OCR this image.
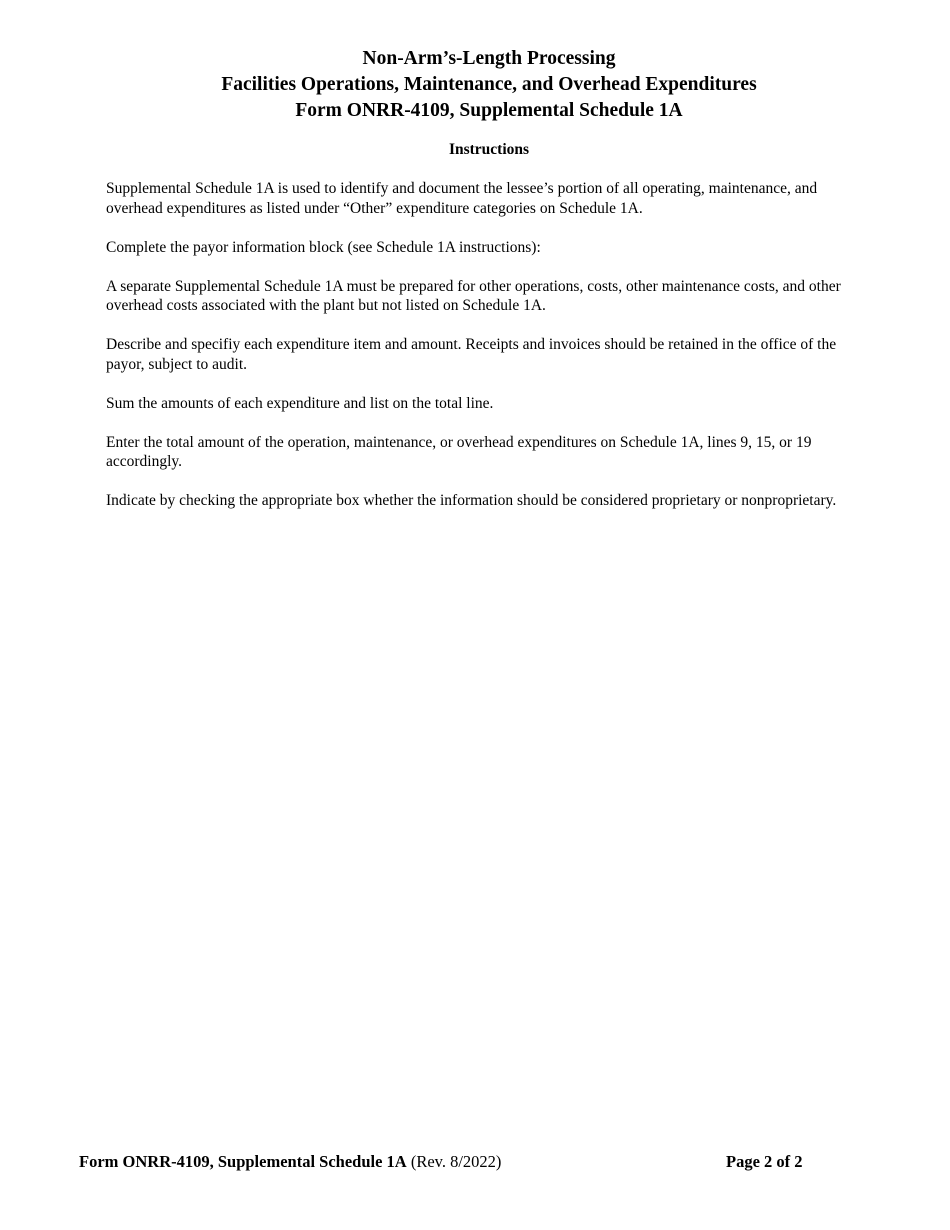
Non-Arm’s-Length Processing
Facilities Operations, Maintenance, and Overhead Expenditures
Form ONRR-4109, Supplemental Schedule 1A
Instructions

Supplemental Schedule 1A is used to identify and document the lessee’s portion of all operating, maintenance, and overhead expenditures as listed under “Other” expenditure categories on Schedule 1A.

Complete the payor information block (see Schedule 1A instructions):

A separate Supplemental Schedule 1A must be prepared for other operations, costs, other maintenance costs, and other overhead costs associated with the plant but not listed on Schedule 1A.

Describe and specifiy each expenditure item and amount. Receipts and invoices should be retained in the office of the payor, subject to audit.

Sum the amounts of each expenditure and list on the total line.

Enter the total amount of the operation, maintenance, or overhead expenditures on Schedule 1A, lines 9, 15, or 19 accordingly.

Indicate by checking the appropriate box whether the information should be considered proprietary or nonproprietary.

Form ONRR-4109, Supplemental Schedule 1A (Rev. 8/2022)	Page 2 of 2
